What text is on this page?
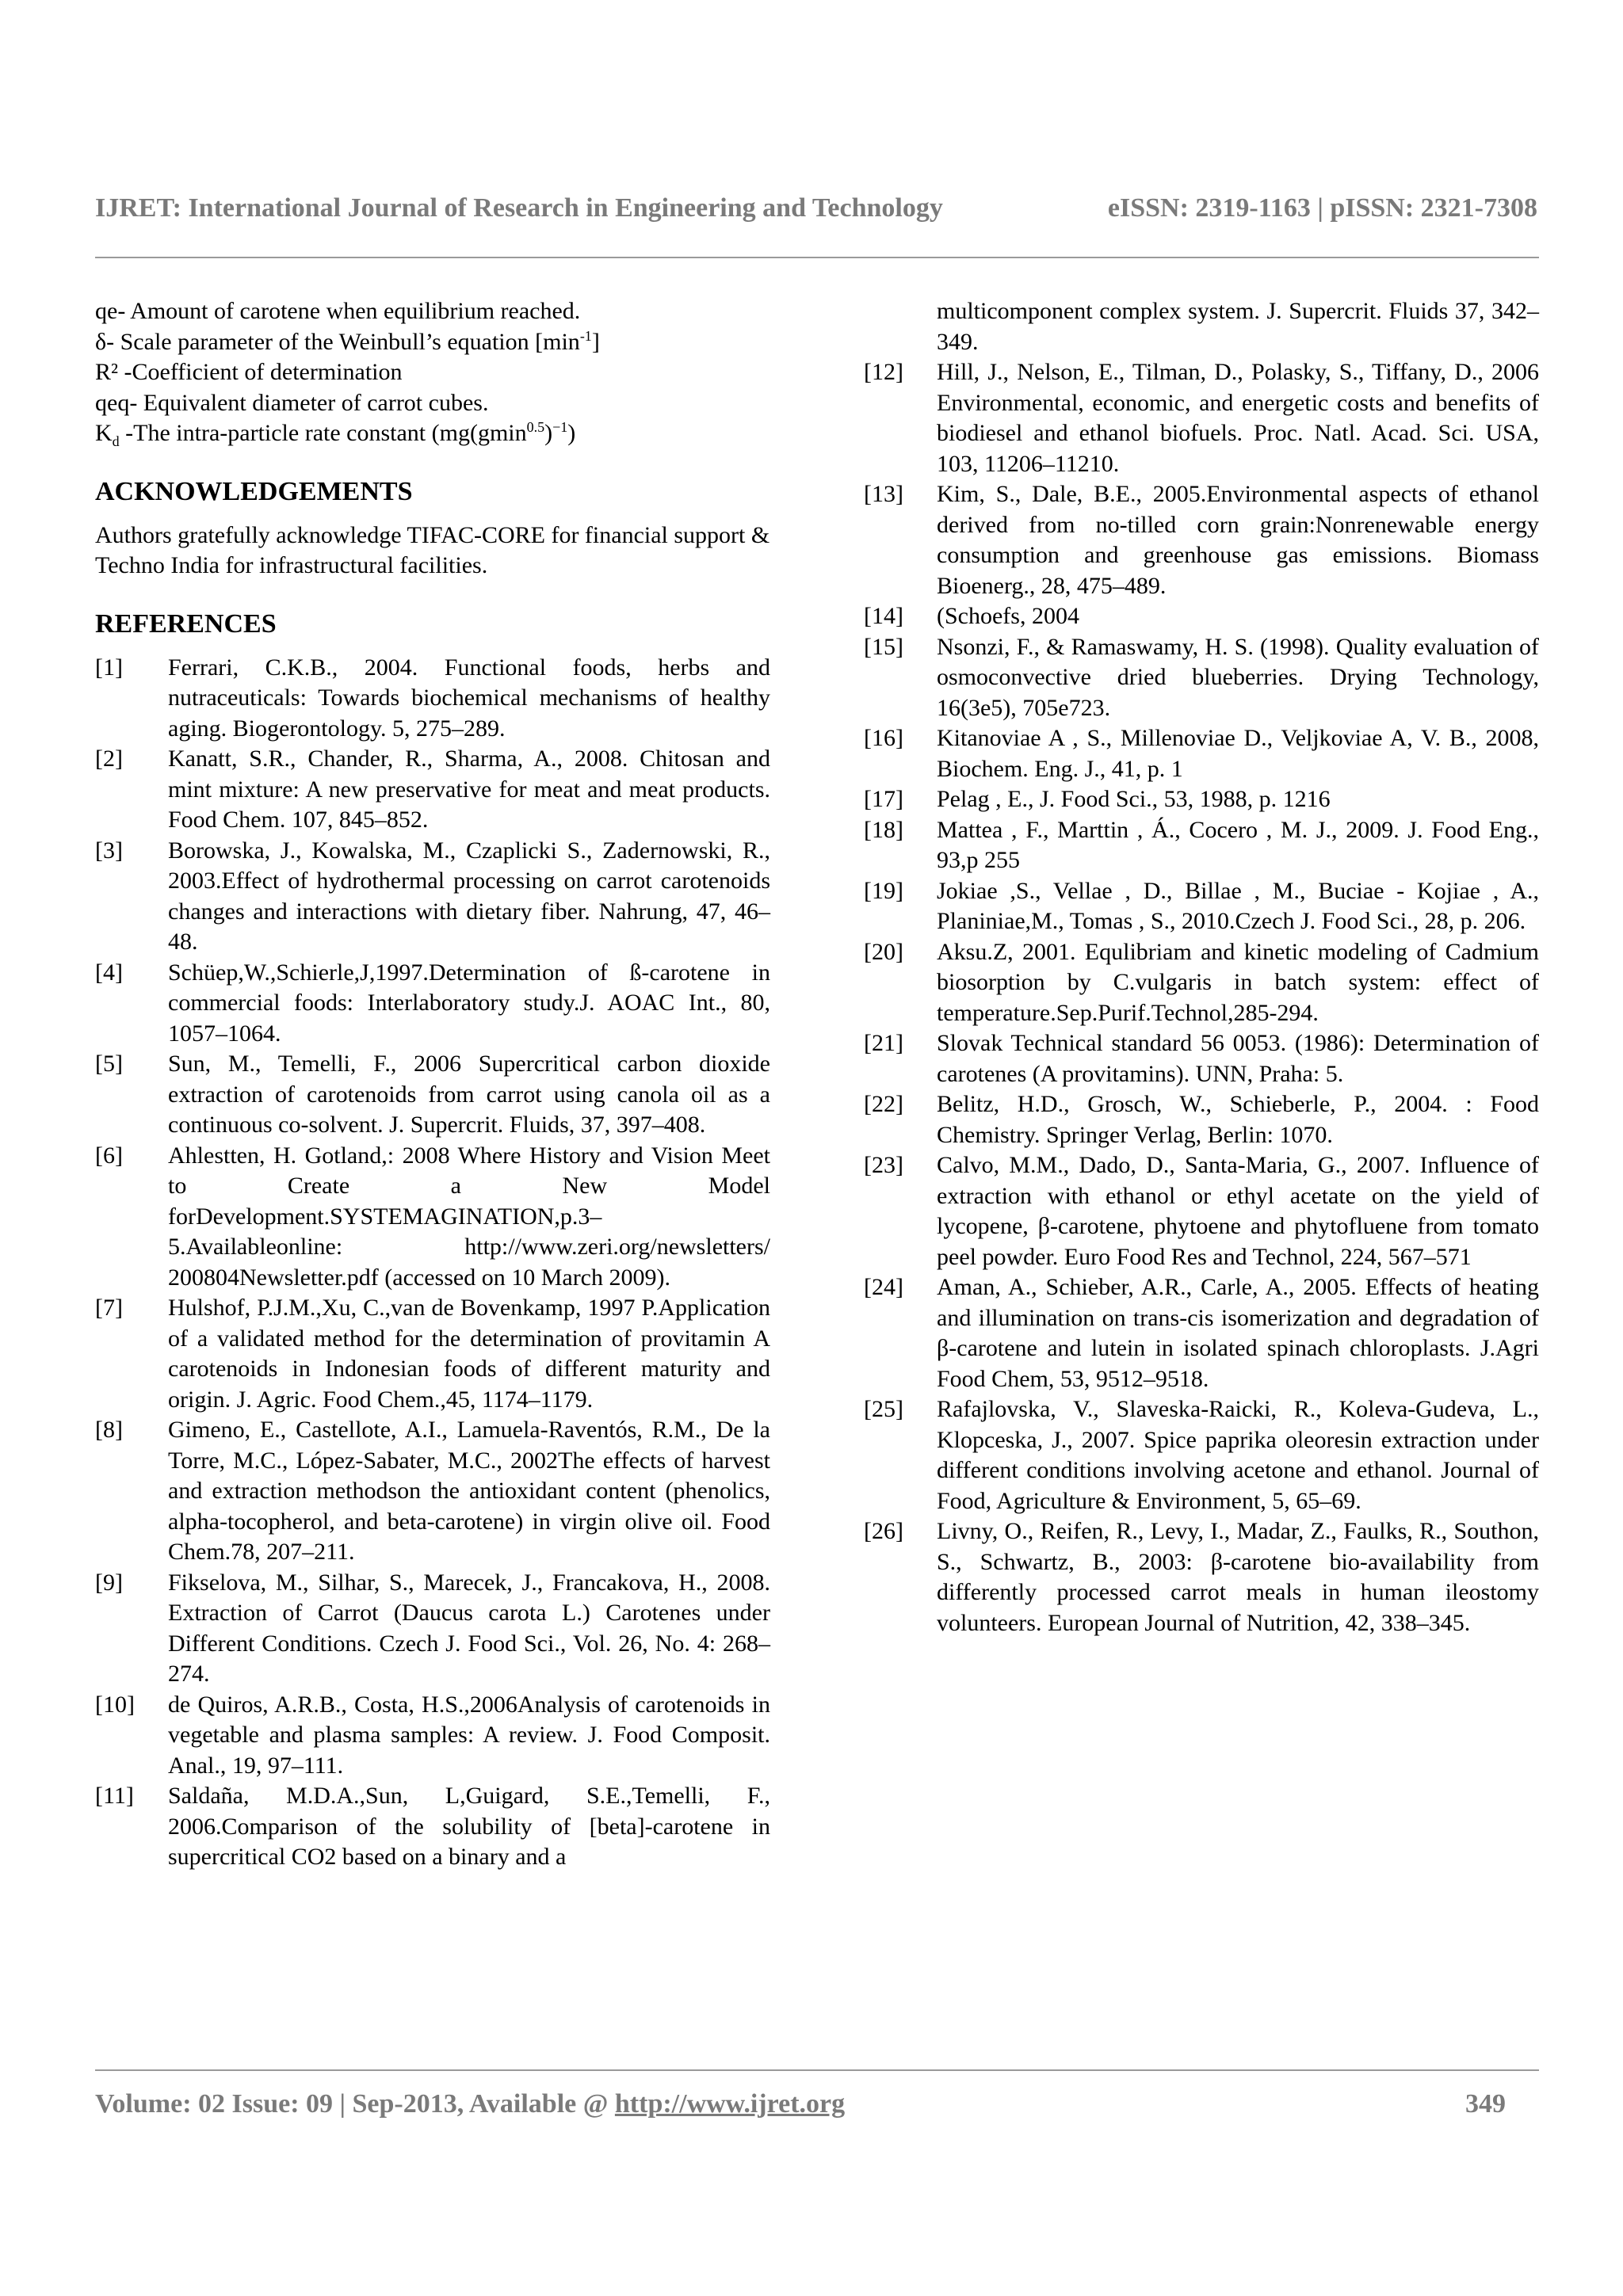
IJRET: International Journal of Research in Engineering and Technology	eISSN: 2319-1163 | pISSN: 2321-7308

qe- Amount of carotene when equilibrium reached.

δ- Scale parameter of the Weinbull’s equation $[\min^{-1}]$

R² -Coefficient of determination

qeq- Equivalent diameter of carrot cubes.

$K_d$ -The intra-particle rate constant $(mg(gmin^{0.5})^{-1})$

ACKNOWLEDGEMENTS

Authors gratefully acknowledge TIFAC-CORE for financial support & Techno India for infrastructural facilities.

REFERENCES
[1] Ferrari, C.K.B., 2004. Functional foods, herbs and nutraceuticals: Towards biochemical mechanisms of healthy aging. Biogerontology. 5, 275–289.
[2] Kanatt, S.R., Chander, R., Sharma, A., 2008. Chitosan and mint mixture: A new preservative for meat and meat products. Food Chem. 107, 845–852.
[3] Borowska, J., Kowalska, M., Czaplicki S., Zadernowski, R., 2003.Effect of hydrothermal processing on carrot carotenoids changes and interactions with dietary fiber. Nahrung, 47, 46–48.
[4] Schüep,W.,Schierle,J,1997.Determination of ß-carotene in commercial foods: Interlaboratory study.J. AOAC Int., 80, 1057–1064.
[5] Sun, M., Temelli, F., 2006 Supercritical carbon dioxide extraction of carotenoids from carrot using canola oil as a continuous co-solvent. J. Supercrit. Fluids, 37, 397–408.
[6] Ahlestten, H. Gotland,: 2008 Where History and Vision Meet to Create a New Model forDevelopment.SYSTEMAGINATION,p.3–5.Availableonline: http://www.zeri.org/newsletters/ 200804Newsletter.pdf (accessed on 10 March 2009).
[7] Hulshof, P.J.M.,Xu, C.,van de Bovenkamp, 1997 P.Application of a validated method for the determination of provitamin A carotenoids in Indonesian foods of different maturity and origin. J. Agric. Food Chem.,45, 1174–1179.
[8] Gimeno, E., Castellote, A.I., Lamuela-Raventós, R.M., De la Torre, M.C., López-Sabater, M.C., 2002The effects of harvest and extraction methodson the antioxidant content (phenolics, alpha-tocopherol, and beta-carotene) in virgin olive oil. Food Chem.78, 207–211.
[9] Fikselova, M., Silhar, S., Marecek, J., Francakova, H., 2008. Extraction of Carrot (Daucus carota L.) Carotenes under Different Conditions. Czech J. Food Sci., Vol. 26, No. 4: 268–274.
[10] de Quiros, A.R.B., Costa, H.S.,2006Analysis of carotenoids in vegetable and plasma samples: A review. J. Food Composit. Anal., 19, 97–111.
[11] Saldaña, M.D.A.,Sun, L,Guigard, S.E.,Temelli, F., 2006.Comparison of the solubility of [beta]-carotene in supercritical CO2 based on a binary and a
multicomponent complex system. J. Supercrit. Fluids 37, 342–349.
[12] Hill, J., Nelson, E., Tilman, D., Polasky, S., Tiffany, D., 2006 Environmental, economic, and energetic costs and benefits of biodiesel and ethanol biofuels. Proc. Natl. Acad. Sci. USA, 103, 11206–11210.
[13] Kim, S., Dale, B.E., 2005.Environmental aspects of ethanol derived from no-tilled corn grain:Nonrenewable energy consumption and greenhouse gas emissions. Biomass Bioenerg., 28, 475–489.
[14] (Schoefs, 2004
[15] Nsonzi, F., & Ramaswamy, H. S. (1998). Quality evaluation of osmoconvective dried blueberries. Drying Technology, 16(3e5), 705e723.
[16] Kitanoviae A , S., Millenoviae D., Veljkoviae A, V. B., 2008, Biochem. Eng. J., 41, p. 1
[17] Pelag , E., J. Food Sci., 53, 1988, p. 1216
[18] Mattea , F., Marttin , Á., Cocero , M. J., 2009. J. Food Eng., 93,p 255
[19] Jokiae ,S., Vellae , D., Billae , M., Buciae - Kojiae , A., Planiniae,M., Tomas , S., 2010.Czech J. Food Sci., 28, p. 206.
[20] Aksu.Z, 2001. Equlibriam and kinetic modeling of Cadmium biosorption by C.vulgaris in batch system: effect of temperature.Sep.Purif.Technol,285-294.
[21] Slovak Technical standard 56 0053. (1986): Determination of carotenes (A provitamins). UNN, Praha: 5.
[22] Belitz, H.D., Grosch, W., Schieberle, P., 2004. : Food Chemistry. Springer Verlag, Berlin: 1070.
[23] Calvo, M.M., Dado, D., Santa-Maria, G., 2007. Influence of extraction with ethanol or ethyl acetate on the yield of lycopene, β-carotene, phytoene and phytofluene from tomato peel powder. Euro Food Res and Technol, 224, 567–571
[24] Aman, A., Schieber, A.R., Carle, A., 2005. Effects of heating and illumination on trans-cis isomerization and degradation of β-carotene and lutein in isolated spinach chloroplasts. J.Agri Food Chem, 53, 9512–9518.
[25] Rafajlovska, V., Slaveska-Raicki, R., Koleva-Gudeva, L., Klopceska, J., 2007. Spice paprika oleoresin extraction under different conditions involving acetone and ethanol. Journal of Food, Agriculture & Environment, 5, 65–69.
[26] Livny, O., Reifen, R., Levy, I., Madar, Z., Faulks, R., Southon, S., Schwartz, B., 2003: β-carotene bio-availability from differently processed carrot meals in human ileostomy volunteers. European Journal of Nutrition, 42, 338–345.
Volume: 02 Issue: 09 | Sep-2013, Available @ http://www.ijret.org	349
